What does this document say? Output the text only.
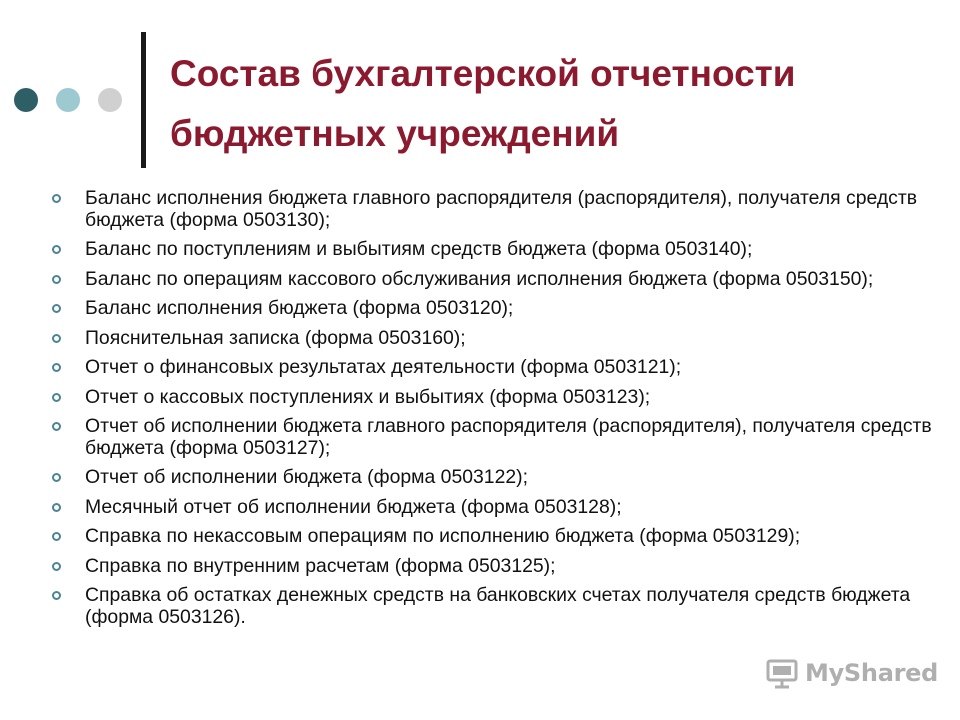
Состав бухгалтерской отчетности
бюджетных учреждений
Баланс исполнения бюджета главного распорядителя (распорядителя), получателя средств бюджета (форма 0503130);
Баланс по поступлениям и выбытиям средств бюджета (форма 0503140);
Баланс по операциям кассового обслуживания исполнения бюджета (форма 0503150);
Баланс исполнения бюджета (форма 0503120);
Пояснительная записка (форма 0503160);
Отчет о финансовых результатах деятельности (форма 0503121);
Отчет о кассовых поступлениях и выбытиях (форма 0503123);
Отчет об исполнении бюджета главного распорядителя (распорядителя), получателя средств бюджета (форма 0503127);
Отчет об исполнении бюджета (форма 0503122);
Месячный отчет об исполнении бюджета (форма 0503128);
Справка по некассовым операциям по исполнению бюджета (форма 0503129);
Справка по внутренним расчетам (форма 0503125);
Справка об остатках денежных средств на банковских счетах получателя средств бюджета (форма 0503126).
MyShared
